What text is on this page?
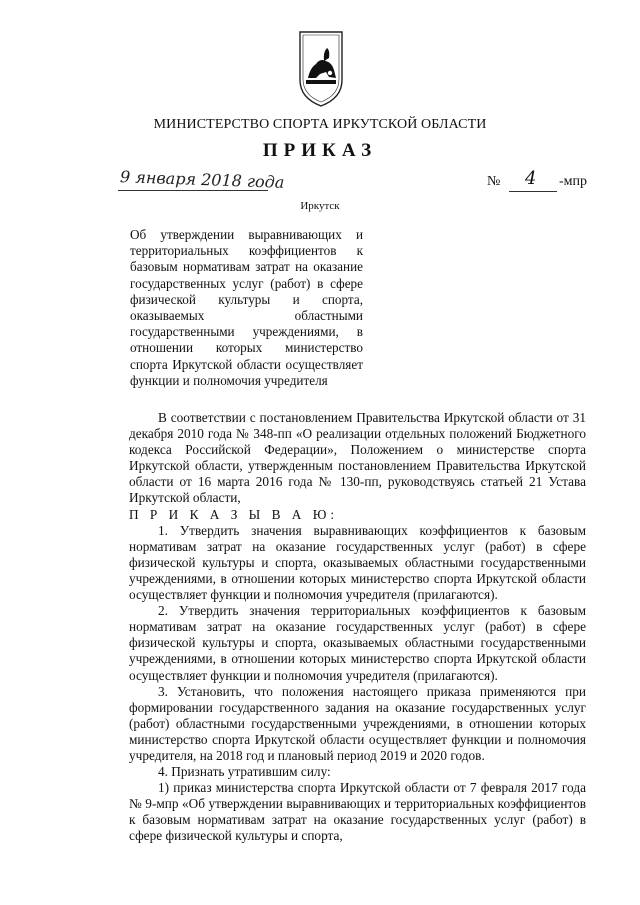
МИНИСТЕРСТВО СПОРТА ИРКУТСКОЙ ОБЛАСТИ
ПРИКАЗ
9 января 2018 года	№ 4 -мпр
Иркутск
Об утверждении выравнивающих и территориальных коэффициентов к базовым нормативам затрат на оказание государственных услуг (работ) в сфере физической культуры и спорта, оказываемых областными государственными учреждениями, в отношении которых министерство спорта Иркутской области осуществляет функции и полномочия учредителя

В соответствии с постановлением Правительства Иркутской области от 31 декабря 2010 года № 348-пп «О реализации отдельных положений Бюджетного кодекса Российской Федерации», Положением о министерстве спорта Иркутской области, утвержденным постановлением Правительства Иркутской области от 16 марта 2016 года № 130-пп, руководствуясь статьей 21 Устава Иркутской области,

П Р И К А З Ы В А Ю:

1. Утвердить значения выравнивающих коэффициентов к базовым нормативам затрат на оказание государственных услуг (работ) в сфере физической культуры и спорта, оказываемых областными государственными учреждениями, в отношении которых министерство спорта Иркутской области осуществляет функции и полномочия учредителя (прилагаются).

2. Утвердить значения территориальных коэффициентов к базовым нормативам затрат на оказание государственных услуг (работ) в сфере физической культуры и спорта, оказываемых областными государственными учреждениями, в отношении которых министерство спорта Иркутской области осуществляет функции и полномочия учредителя (прилагаются).

3. Установить, что положения настоящего приказа применяются при формировании государственного задания на оказание государственных услуг (работ) областными государственными учреждениями, в отношении которых министерство спорта Иркутской области осуществляет функции и полномочия учредителя, на 2018 год и плановый период 2019 и 2020 годов.

4. Признать утратившим силу:

1) приказ министерства спорта Иркутской области от 7 февраля 2017 года № 9-мпр «Об утверждении выравнивающих и территориальных коэффициентов к базовым нормативам затрат на оказание государственных услуг (работ) в сфере физической культуры и спорта,
